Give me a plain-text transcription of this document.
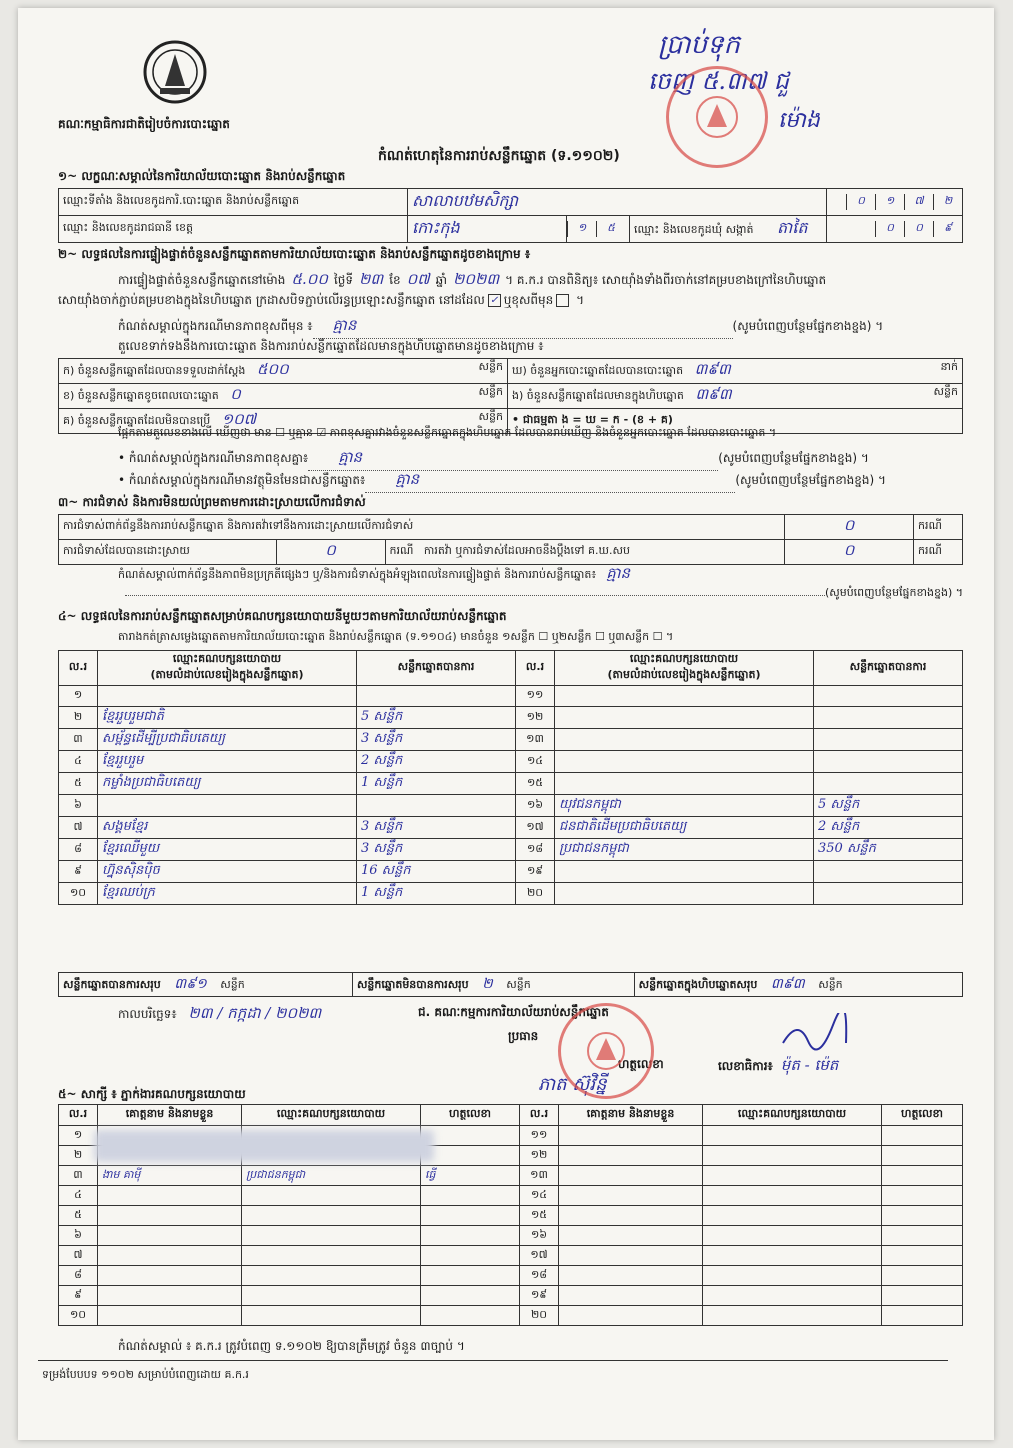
គណៈកម្មាធិការជាតិរៀបចំការបោះឆ្នោត
ប្រាប់ទុក
ចេញ ៥.៣៧ ជួ
ម៉ោង
កំណត់ហេតុនៃការរាប់សន្លឹកឆ្នោត (ទ.១១០២)
១~ លក្ខណៈសម្គាល់នៃការិយាល័យបោះឆ្នោត និងរាប់សន្លឹកឆ្នោត
ឈ្មោះទីតាំង និងលេខកូដការិ.បោះឆ្នោត និងរាប់សន្លឹកឆ្នោត	សាលាបឋមសិក្សា			០ ១ ៧ ២
ឈ្មោះ និងលេខកូដរាជធានី ខេត្ត	កោះកុង	១ ៥	ឈ្មោះ និងលេខកូដឃុំ សង្កាត់ តាតៃ	០ ០ ៩
២~ លទ្ធផលនៃការផ្ទៀងផ្ទាត់ចំនួនសន្លឹកឆ្នោតតាមការិយាល័យបោះឆ្នោត និងរាប់សន្លឹកឆ្នោតដូចខាងក្រោម ៖
ការផ្ទៀងផ្ទាត់ចំនួនសន្លឹកឆ្នោតនៅម៉ោង ៥.០០ ថ្ងៃទី ២៣ ខែ ០៧ ឆ្នាំ ២០២៣ ។ គ.ក.រ បានពិនិត្យ៖ សោយ៉ាំងទាំងពីរចាក់នៅគម្របខាងក្រៅនៃហិបឆ្នោត
សោយ៉ាំងចាក់ភ្ជាប់គម្របខាងក្នុងនៃហិបឆ្នោត ក្រដាសបិទភ្ជាប់លើរន្ធប្រឡោះសន្លឹកឆ្នោត នៅដដែល ✓ ឬខុសពីមុន ។
កំណត់សម្គាល់ក្នុងករណីមានភាពខុសពីមុន ៖ គ្មាន	(សូមបំពេញបន្ថែមផ្នែកខាងខ្នង) ។
តួលេខទាក់ទងនឹងការបោះឆ្នោត និងការរាប់សន្លឹកឆ្នោតដែលមានក្នុងហិបឆ្នោតមានដូចខាងក្រោម ៖
ក) ចំនួនសន្លឹកឆ្នោតដែលបានទទួលដាក់ស្តែង ៥០០ សន្លឹក	ឃ) ចំនួនអ្នកបោះឆ្នោតដែលបានបោះឆ្នោត ៣៩៣ នាក់

ខ) ចំនួនសន្លឹកឆ្នោតខូចពេលបោះឆ្នោត ០ សន្លឹក	ង) ចំនួនសន្លឹកឆ្នោតដែលមានក្នុងហិបឆ្នោត ៣៩៣ សន្លឹក

គ) ចំនួនសន្លឹកឆ្នោតដែលមិនបានប្រើ ១០៧ សន្លឹក	• ជាធម្មតា ង = ឃ = ក - (ខ + គ)
ផ្អែកតាមតួលេខខាងលើ ឃើញថា មាន ☐ ឬគ្មាន ☑ ភាពខុសគ្នារវាងចំនួនសន្លឹកឆ្នោតក្នុងហិបឆ្នោត ដែលបានរាប់ឃើញ និងចំនួនអ្នកបោះឆ្នោត ដែលបានបោះឆ្នោត ។
• កំណត់សម្គាល់ក្នុងករណីមានភាពខុសគ្នា៖ គ្មាន	(សូមបំពេញបន្ថែមផ្នែកខាងខ្នង) ។
• កំណត់សម្គាល់ក្នុងករណីមានវត្ថុមិនមែនជាសន្លឹកឆ្នោត៖ គ្មាន	(សូមបំពេញបន្ថែមផ្នែកខាងខ្នង) ។
៣~ ការជំទាស់ និងការមិនយល់ព្រមតាមការដោះស្រាយលើការជំទាស់
ការជំទាស់ពាក់ព័ន្ធនឹងការរាប់សន្លឹកឆ្នោត និងការតវ៉ាទៅនឹងការដោះស្រាយលើការជំទាស់			០	ករណី
ការជំទាស់ដែលបានដោះស្រាយ	០	ករណី ការតវ៉ា ឬការជំទាស់ដែលអាចនឹងប្តឹងទៅ គ.ឃ.សប	០	ករណី
កំណត់សម្គាល់ពាក់ព័ន្ធនឹងភាពមិនប្រក្រតីផ្សេងៗ ឬ/និងការជំទាស់ក្នុងអំឡុងពេលនៃការផ្ទៀងផ្ទាត់ និងការរាប់សន្លឹកឆ្នោត៖ គ្មាន
(សូមបំពេញបន្ថែមផ្នែកខាងខ្នង) ។
៤~ លទ្ធផលនៃការរាប់សន្លឹកឆ្នោតសម្រាប់គណបក្សនយោបាយនីមួយៗតាមការិយាល័យរាប់សន្លឹកឆ្នោត
តារាងកត់ត្រាសម្លេងឆ្នោតតាមការិយាល័យបោះឆ្នោត និងរាប់សន្លឹកឆ្នោត (ទ.១១០៤) មានចំនួន ១សន្លឹក ☐ ឬ២សន្លឹក ☐ ឬ៣សន្លឹក ☐ ។
ល.រ	ឈ្មោះគណបក្សនយោបាយ
(តាមលំដាប់លេខរៀងក្នុងសន្លឹកឆ្នោត)	សន្លឹកឆ្នោតបានការ	ល.រ	ឈ្មោះគណបក្សនយោបាយ
(តាមលំដាប់លេខរៀងក្នុងសន្លឹកឆ្នោត)	សន្លឹកឆ្នោតបានការ
១			១១		
២	ខ្មែររួបរួមជាតិ	5 សន្លឹក	១២		
៣	សម្ព័ន្ធដើម្បីប្រជាធិបតេយ្យ	3 សន្លឹក	១៣		
៤	ខ្មែររួបរួម	2 សន្លឹក	១៤		
៥	កម្លាំងប្រជាធិបតេយ្យ	1 សន្លឹក	១៥		
៦			១៦	យុវជនកម្ពុជា	5 សន្លឹក
៧	សង្គមខ្មែរ	3 សន្លឹក	១៧	ជនជាតិដើមប្រជាធិបតេយ្យ	2 សន្លឹក
៨	ខ្មែរឈើមួយ	3 សន្លឹក	១៨	ប្រជាជនកម្ពុជា	350 សន្លឹក
៩	ហ្វ៊ុនស៊ិនប៉ិច	16 សន្លឹក	១៩		
១០	ខ្មែរឈប់ក្រ	1 សន្លឹក	២០		
សន្លឹកឆ្នោតបានការសរុប ៣៩១ សន្លឹក	សន្លឹកឆ្នោតមិនបានការសរុប ២ សន្លឹក	សន្លឹកឆ្នោតក្នុងហិបឆ្នោតសរុប ៣៩៣ សន្លឹក
កាលបរិច្ឆេទ៖ ២៣ / កក្កដា / ២០២៣	ជ. គណៈកម្មការការិយាល័យរាប់សន្លឹកឆ្នោត
ប្រធាន
ហត្ថលេខា
ភាត ស៊ុវិន្នី
លេខាធិការ៖ ម៉ុត - ម៉េត
៥~ សាក្សី ៖ ភ្នាក់ងារគណបក្សនយោបាយ
ល.រ	គោត្តនាម និងនាមខ្លួន	ឈ្មោះគណបក្សនយោបាយ	ហត្ថលេខា	ល.រ	គោត្តនាម និងនាមខ្លួន	ឈ្មោះគណបក្សនយោបាយ	ហត្ថលេខា
១				១១			
២				១២			
៣	ងាម គាម៉ី	ប្រជាជនកម្ពុជា	ធ្វើ	១៣			
៤				១៤			
៥				១៥			
៦				១៦			
៧				១៧			
៨				១៨			
៩				១៩			
១០				២០			
កំណត់សម្គាល់ ៖ គ.ក.រ ត្រូវបំពេញ ទ.១១០២ ឱ្យបានត្រឹមត្រូវ ចំនួន ៣ច្បាប់ ។
ទម្រង់បែបបទ ១១០២ សម្រាប់បំពេញដោយ គ.ក.រ
